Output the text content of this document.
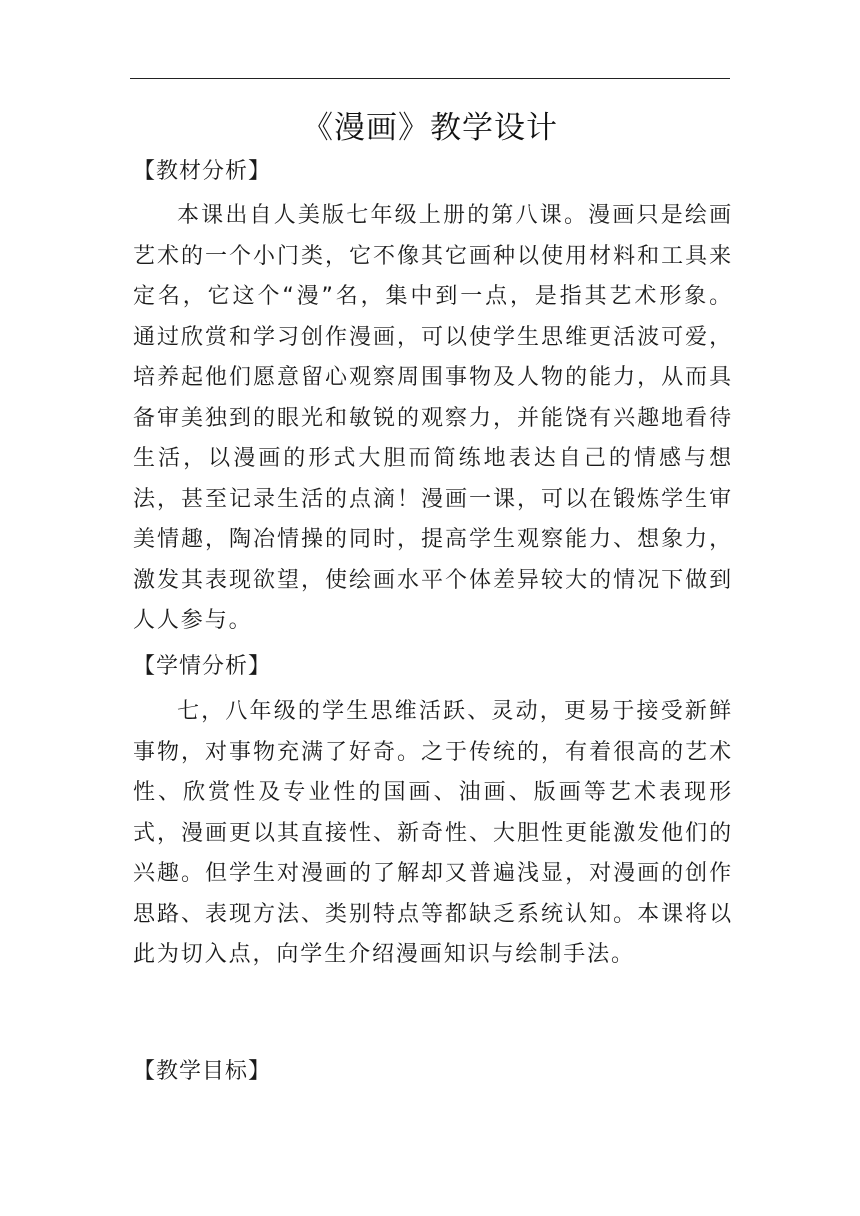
《漫画》教学设计
【教材分析】

本课出自人美版七年级上册的第八课。漫画只是绘画艺术的一个小门类，它不像其它画种以使用材料和工具来定名，它这个“漫”名，集中到一点，是指其艺术形象。通过欣赏和学习创作漫画，可以使学生思维更活波可爱，培养起他们愿意留心观察周围事物及人物的能力，从而具备审美独到的眼光和敏锐的观察力，并能饶有兴趣地看待生活，以漫画的形式大胆而简练地表达自己的情感与想法，甚至记录生活的点滴！漫画一课，可以在锻炼学生审美情趣，陶冶情操的同时，提高学生观察能力、想象力，激发其表现欲望，使绘画水平个体差异较大的情况下做到人人参与。

【学情分析】

七，八年级的学生思维活跃、灵动，更易于接受新鲜事物，对事物充满了好奇。之于传统的，有着很高的艺术性、欣赏性及专业性的国画、油画、版画等艺术表现形式，漫画更以其直接性、新奇性、大胆性更能激发他们的兴趣。但学生对漫画的了解却又普遍浅显，对漫画的创作思路、表现方法、类别特点等都缺乏系统认知。本课将以此为切入点，向学生介绍漫画知识与绘制手法。

【教学目标】
